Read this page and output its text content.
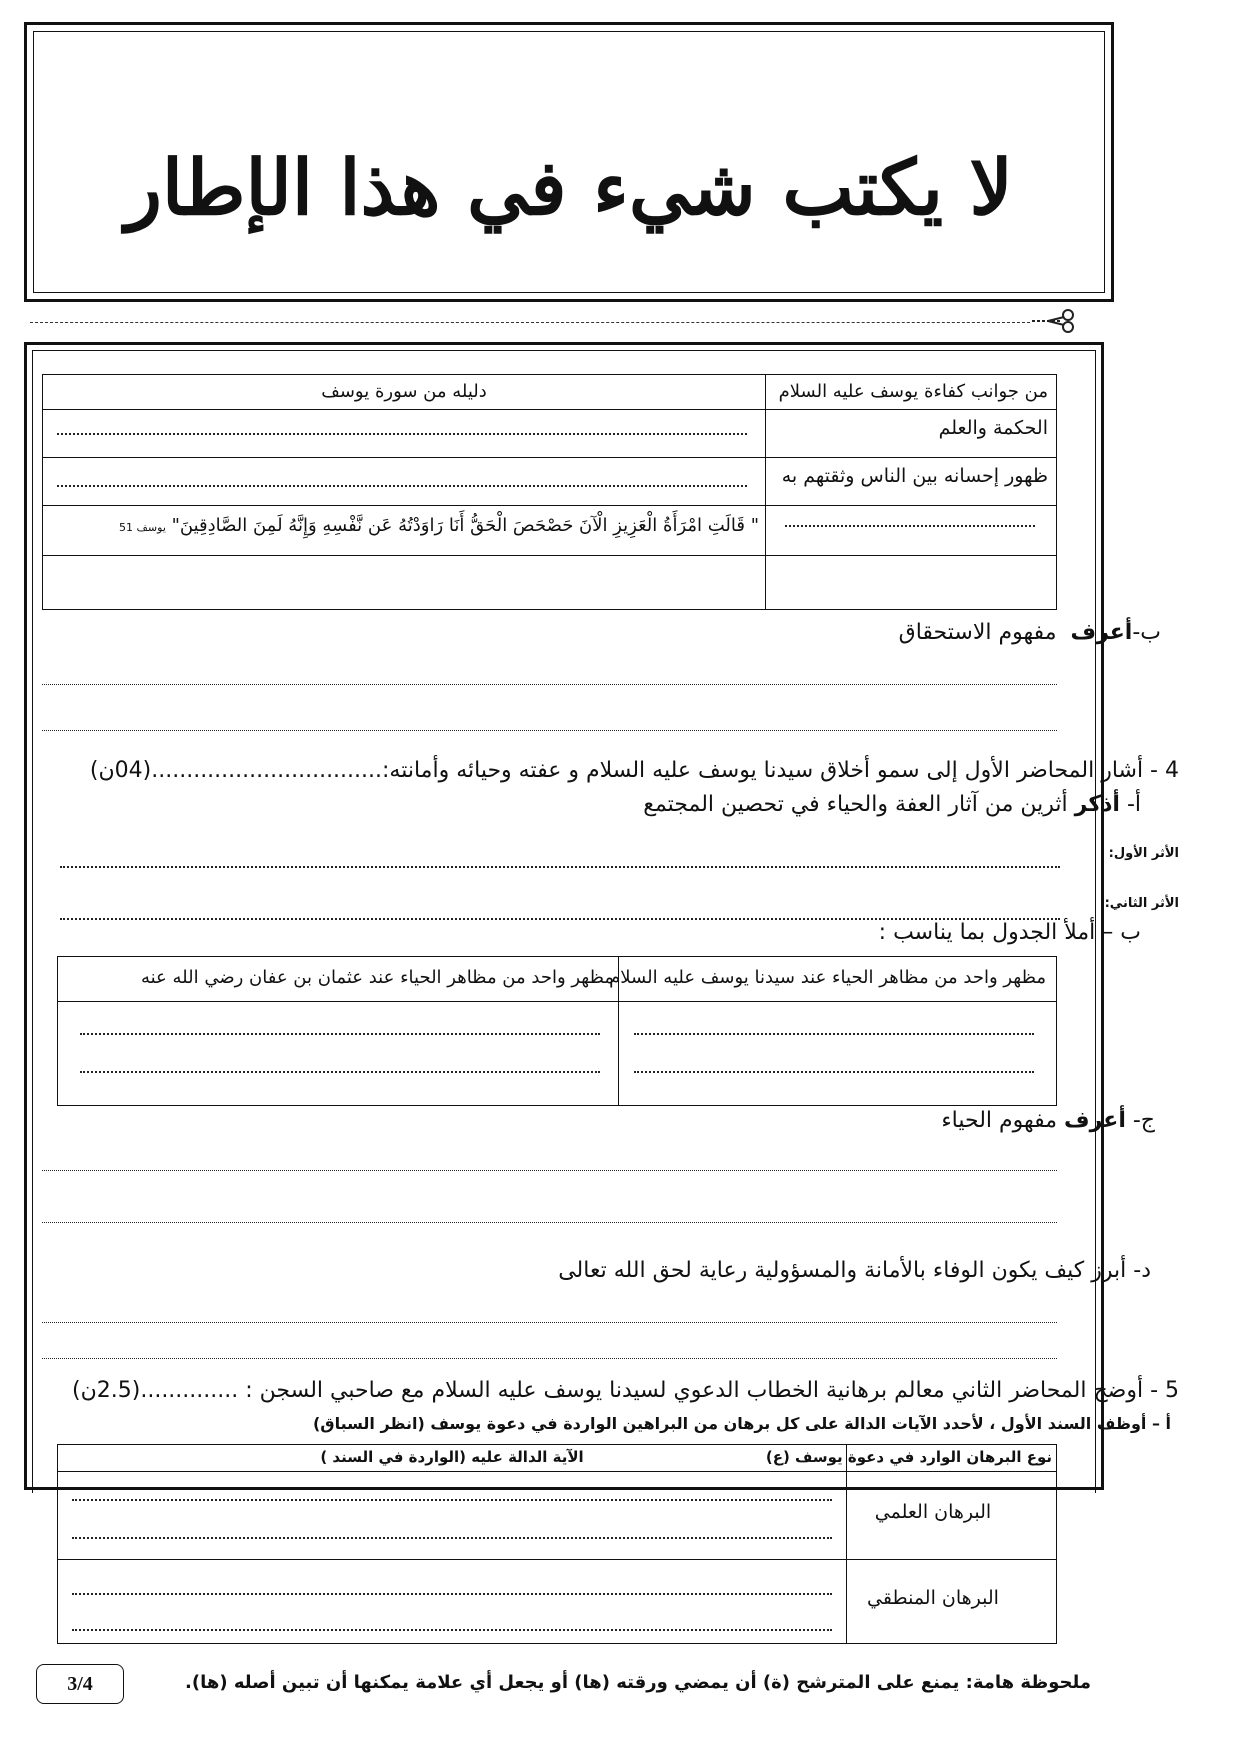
لا يكتب شيء في هذا الإطار
من جوانب كفاءة يوسف عليه السلام
دليله من سورة يوسف
الحكمة والعلم
ظهور إحسانه بين الناس وثقتهم به
" قَالَتِ امْرَأَةُ الْعَزِيزِ الْآنَ حَصْحَصَ الْحَقُّ أَنَا رَاوَدْتُهُ عَن نَّفْسِهِ وَإِنَّهُ لَمِنَ الصَّادِقِينَ" يوسف 51
ب-أعرف  مفهوم الاستحقاق
4 - أشار المحاضر الأول إلى سمو أخلاق سيدنا يوسف عليه السلام و عفته وحيائه وأمانته:.................................(04ن)
أ- أذكر أثرين من آثار العفة والحياء في تحصين المجتمع
الأثر الأول:
الأثر الثاني:
ب – أملأ الجدول بما يناسب :
مظهر واحد من مظاهر الحياء عند سيدنا يوسف عليه السلام
مظهر واحد من مظاهر الحياء عند عثمان بن عفان رضي الله عنه
ج- أعرف مفهوم الحياء
د- أبرز كيف يكون الوفاء بالأمانة والمسؤولية رعاية لحق الله تعالى
5 - أوضح المحاضر الثاني معالم برهانية الخطاب الدعوي لسيدنا يوسف عليه السلام مع صاحبي السجن : ..............(2.5ن)
أ – أوظف السند الأول ، لأحدد الآيات الدالة على كل برهان من البراهين الواردة في دعوة يوسف (انظر السباق)
نوع البرهان الوارد في دعوة يوسف (ع)
الآية الدالة عليه (الواردة في السند )
البرهان العلمي
البرهان المنطقي
3/4	ملحوظة هامة: يمنع على المترشح (ة) أن يمضي ورقته (ها) أو يجعل أي علامة يمكنها أن تبين أصله (ها).
